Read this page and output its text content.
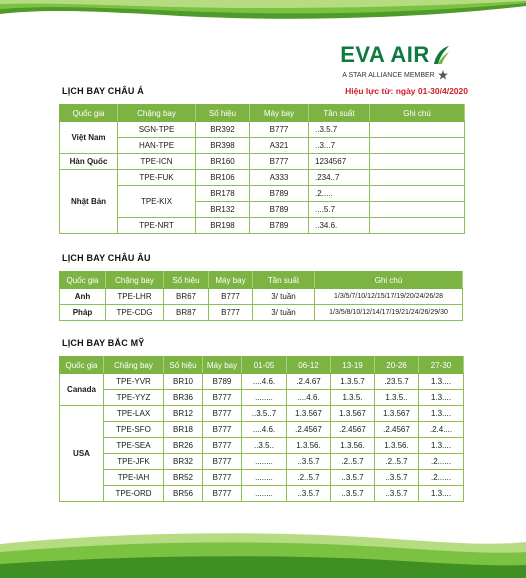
EVA AIR
A STAR ALLIANCE MEMBER
Hiệu lực từ: ngày 01-30/4/2020
LỊCH BAY CHÂU Á
Quốc gia	Chặng bay	Số hiệu	Máy bay	Tần suất	Ghi chú
Việt Nam	SGN-TPE	BR392	B777	..3.5.7	
	HAN-TPE	BR398	A321	..3...7	
Hàn Quốc	TPE-ICN	BR160	B777	1234567	
Nhật Bản	TPE-FUK	BR106	A333	.234..7	
	TPE-KIX	BR178	B789	.2.....	
		BR132	B789	....5.7	
	TPE-NRT	BR198	B789	..34.6.	
LỊCH BAY CHÂU ÂU
Quốc gia	Chặng bay	Số hiệu	Máy bay	Tần suất	Ghi chú
Anh	TPE-LHR	BR67	B777	3/ tuần	1/3/5/7/10/12/15/17/19/20/24/26/28
Pháp	TPE-CDG	BR87	B777	3/ tuần	1/3/5/8/10/12/14/17/19/21/24/26/29/30
LỊCH BAY BẮC MỸ
Quốc gia	Chặng bay	Số hiệu	Máy bay	01-05	06-12	13-19	20-26	27-30
Canada	TPE-YVR	BR10	B789	....4.6.	.2.4.67	1.3.5.7	.23.5.7	1.3....
	TPE-YYZ	BR36	B777	........	....4.6.	1.3.5.	1.3.5..	1.3....
USA	TPE-LAX	BR12	B777	..3.5..7	1.3.567	1.3.567	1.3.567	1.3....
	TPE-SFO	BR18	B777	....4.6.	.2.4567	.2.4567	.2.4567	.2.4....
	TPE-SEA	BR26	B777	..3.5..	1.3.56.	1.3.56.	1.3.56.	1.3....
	TPE-JFK	BR32	B777	........	..3.5.7	.2..5.7	.2..5.7	.2......
	TPE-IAH	BR52	B777	........	.2..5.7	..3.5.7	..3.5.7	.2......
	TPE-ORD	BR56	B777	........	..3.5.7	..3.5.7	..3.5.7	1.3....
